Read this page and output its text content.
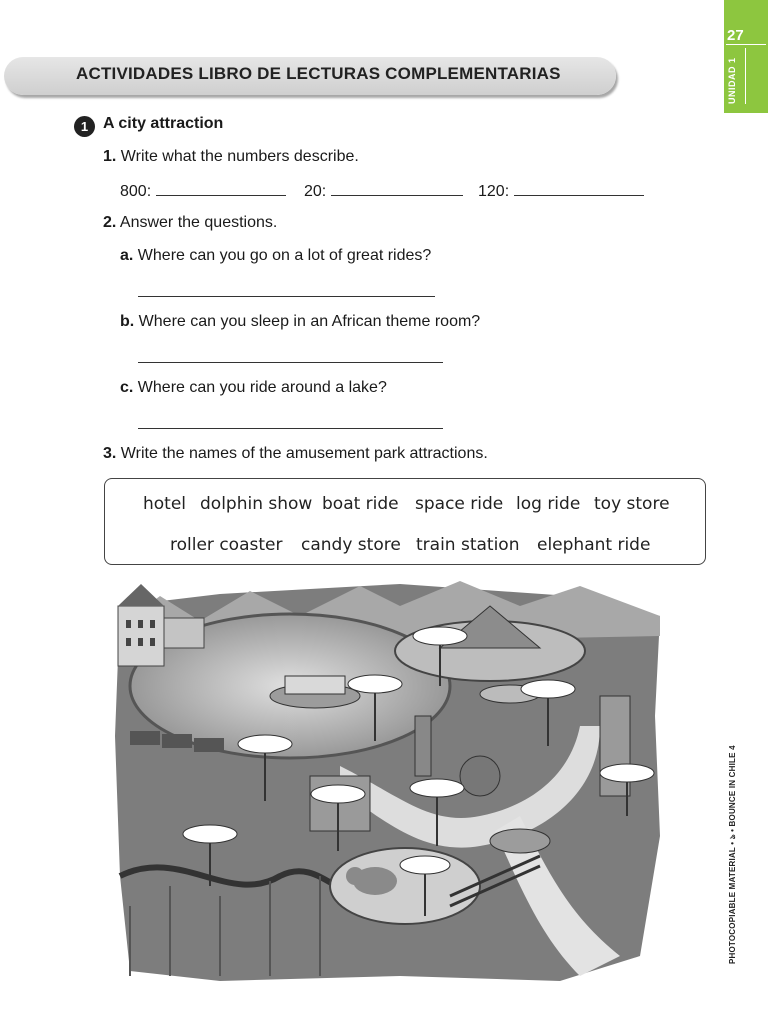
27
UNIDAD 1
PHOTOCOPIABLE MATERIAL • ঌ • BOUNCE IN CHILE 4
ACTIVIDADES LIBRO DE LECTURAS COMPLEMENTARIAS
1 A city attraction
1. Write what the numbers describe.
800:	20:	120:
2. Answer the questions.
a. Where can you go on a lot of great rides?
b. Where can you sleep in an African theme room?
c. Where can you ride around a lake?
3. Write the names of the amusement park attractions.
hotel dolphin show boat ride space ride log ride toy store
roller coaster candy store train station elephant ride
